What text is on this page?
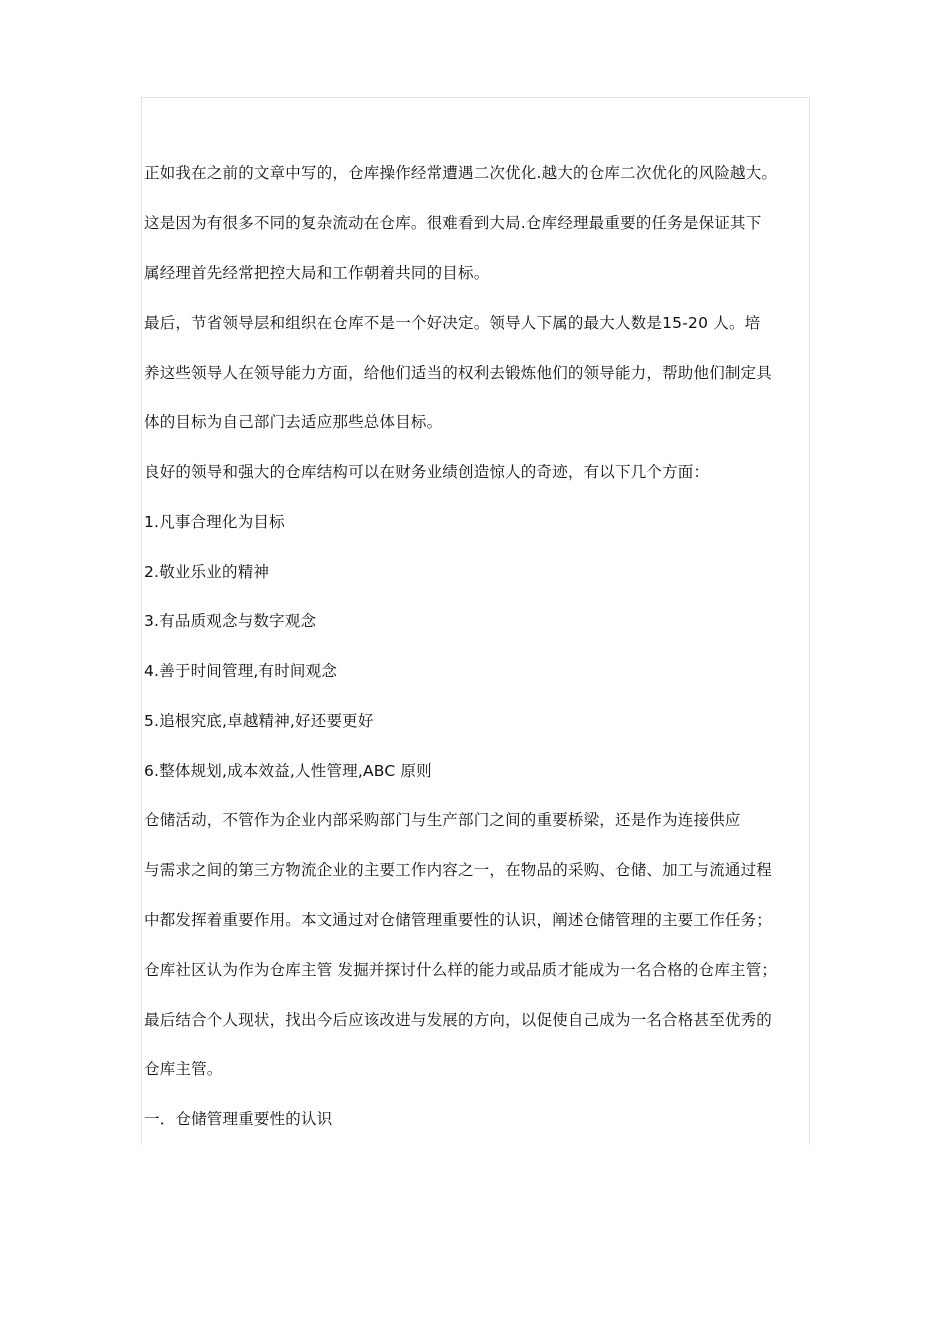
正如我在之前的文章中写的，仓库操作经常遭遇二次优化.越大的仓库二次优化的风险越大。
这是因为有很多不同的复杂流动在仓库。很难看到大局.仓库经理最重要的任务是保证其下
属经理首先经常把控大局和工作朝着共同的目标。
最后，节省领导层和组织在仓库不是一个好决定。领导人下属的最大人数是15-20 人。培
养这些领导人在领导能力方面，给他们适当的权利去锻炼他们的领导能力，帮助他们制定具
体的目标为自己部门去适应那些总体目标。
良好的领导和强大的仓库结构可以在财务业绩创造惊人的奇迹，有以下几个方面：
1.凡事合理化为目标
2.敬业乐业的精神
3.有品质观念与数字观念
4.善于时间管理,有时间观念
5.追根究底,卓越精神,好还要更好
6.整体规划,成本效益,人性管理,ABC 原则
仓储活动，不管作为企业内部采购部门与生产部门之间的重要桥梁，还是作为连接供应
与需求之间的第三方物流企业的主要工作内容之一，在物品的采购、仓储、加工与流通过程
中都发挥着重要作用。本文通过对仓储管理重要性的认识，阐述仓储管理的主要工作任务；
仓库社区认为作为仓库主管 发掘并探讨什么样的能力或品质才能成为一名合格的仓库主管；
最后结合个人现状，找出今后应该改进与发展的方向，以促使自己成为一名合格甚至优秀的
仓库主管。
一．仓储管理重要性的认识
